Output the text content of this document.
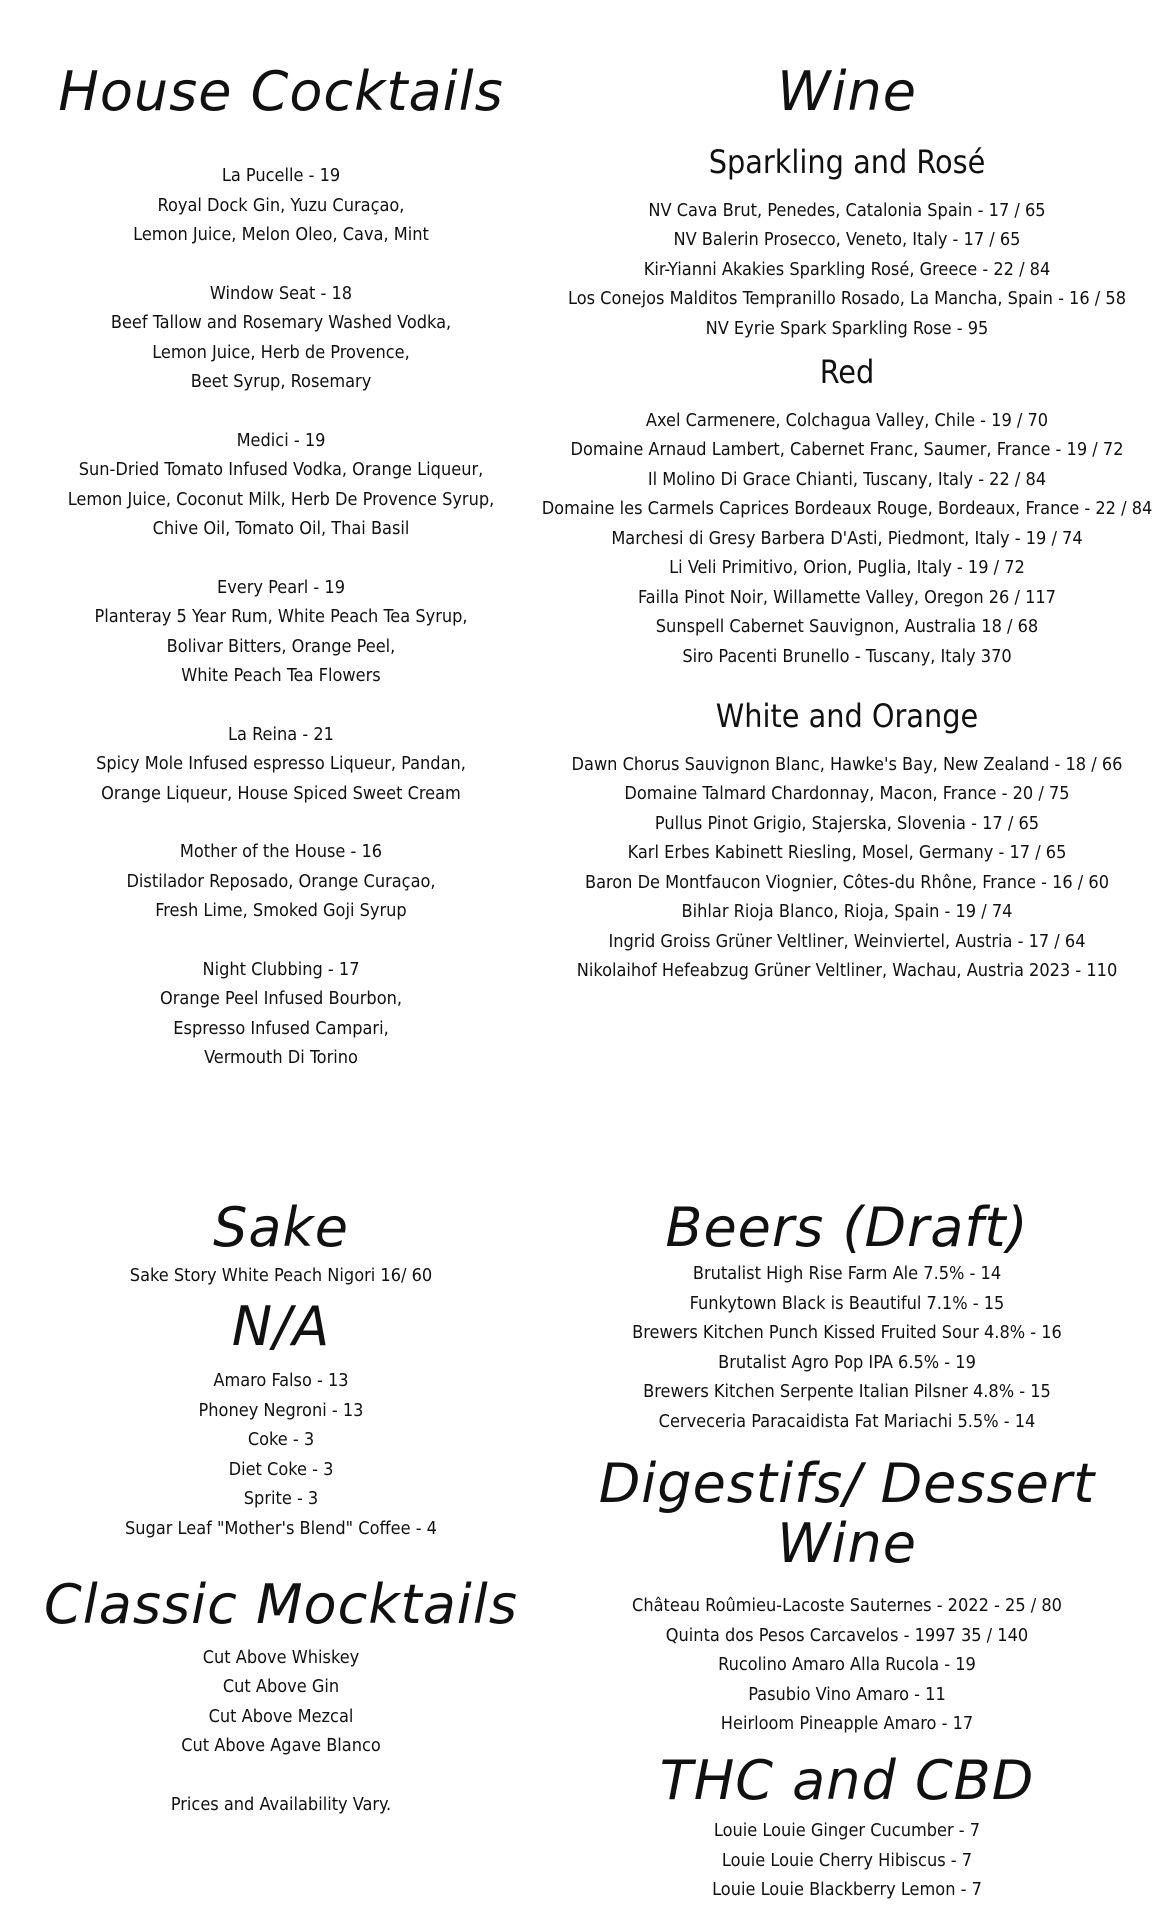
House Cocktails
La Pucelle - 19
Royal Dock Gin, Yuzu Curaçao,
Lemon Juice, Melon Oleo, Cava, Mint
Window Seat - 18
Beef Tallow and Rosemary Washed Vodka,
Lemon Juice, Herb de Provence,
Beet Syrup, Rosemary
Medici - 19
Sun-Dried Tomato Infused Vodka, Orange Liqueur,
Lemon Juice, Coconut Milk, Herb De Provence Syrup,
Chive Oil, Tomato Oil, Thai Basil
Every Pearl - 19
Planteray 5 Year Rum, White Peach Tea Syrup,
Bolivar Bitters, Orange Peel,
White Peach Tea Flowers
La Reina - 21
Spicy Mole Infused espresso Liqueur, Pandan,
Orange Liqueur, House Spiced Sweet Cream
Mother of the House - 16
Distilador Reposado, Orange Curaçao,
Fresh Lime, Smoked Goji Syrup
Night Clubbing - 17
Orange Peel Infused Bourbon,
Espresso Infused Campari,
Vermouth Di Torino
Wine
Sparkling and Rosé
NV Cava Brut, Penedes, Catalonia Spain - 17 / 65
NV Balerin Prosecco, Veneto, Italy - 17 / 65
Kir-Yianni Akakies Sparkling Rosé, Greece - 22 / 84
Los Conejos Malditos Tempranillo Rosado, La Mancha, Spain - 16 / 58
NV Eyrie Spark Sparkling Rose - 95
Red
Axel Carmenere, Colchagua Valley, Chile - 19 / 70
Domaine Arnaud Lambert, Cabernet Franc, Saumer, France - 19 / 72
Il Molino Di Grace Chianti, Tuscany, Italy - 22 / 84
Domaine les Carmels Caprices Bordeaux Rouge, Bordeaux, France - 22 / 84
Marchesi di Gresy Barbera D'Asti, Piedmont, Italy - 19 / 74
Li Veli Primitivo, Orion, Puglia, Italy - 19 / 72
Failla Pinot Noir, Willamette Valley, Oregon 26 / 117
Sunspell Cabernet Sauvignon, Australia 18 / 68
Siro Pacenti Brunello - Tuscany, Italy 370
White and Orange
Dawn Chorus Sauvignon Blanc, Hawke's Bay, New Zealand - 18 / 66
Domaine Talmard Chardonnay, Macon, France - 20 / 75
Pullus Pinot Grigio, Stajerska, Slovenia - 17 / 65
Karl Erbes Kabinett Riesling, Mosel, Germany - 17 / 65
Baron De Montfaucon Viognier, Côtes-du Rhône, France - 16 / 60
Bihlar Rioja Blanco, Rioja, Spain - 19 / 74
Ingrid Groiss Grüner Veltliner, Weinviertel, Austria - 17 / 64
Nikolaihof Hefeabzug Grüner Veltliner, Wachau, Austria 2023 - 110
Sake
Sake Story White Peach Nigori 16/ 60
N/A
Amaro Falso - 13
Phoney Negroni - 13
Coke - 3
Diet Coke - 3
Sprite - 3
Sugar Leaf "Mother's Blend" Coffee - 4
Classic Mocktails
Cut Above Whiskey
Cut Above Gin
Cut Above Mezcal
Cut Above Agave Blanco
Prices and Availability Vary.
Beers (Draft)
Brutalist High Rise Farm Ale 7.5% - 14
Funkytown Black is Beautiful 7.1% - 15
Brewers Kitchen Punch Kissed Fruited Sour 4.8% - 16
Brutalist Agro Pop IPA 6.5% - 19
Brewers Kitchen Serpente Italian Pilsner 4.8% - 15
Cerveceria Paracaidista Fat Mariachi 5.5% - 14
Digestifs/ Dessert Wine
Château Roûmieu-Lacoste Sauternes - 2022 - 25 / 80
Quinta dos Pesos Carcavelos - 1997 35 / 140
Rucolino Amaro Alla Rucola - 19
Pasubio Vino Amaro - 11
Heirloom Pineapple Amaro - 17
THC and CBD
Louie Louie Ginger Cucumber - 7
Louie Louie Cherry Hibiscus - 7
Louie Louie Blackberry Lemon - 7
